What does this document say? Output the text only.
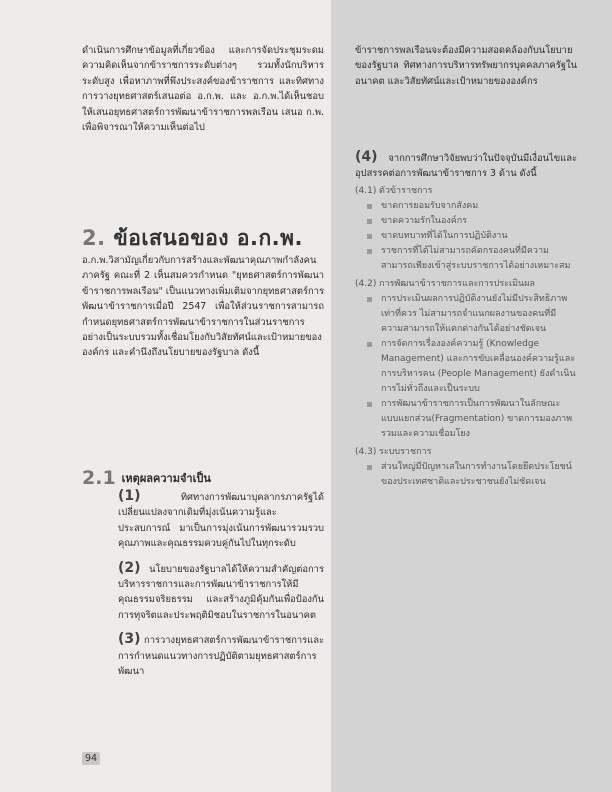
ดำเนินการศึกษาข้อมูลที่เกี่ยวข้อง และการจัดประชุมระดมความคิดเห็นจากข้าราชการระดับต่างๆ รวมทั้งนักบริหารระดับสูง เพื่อหาภาพที่พึงประสงค์ของข้าราชการ และทิศทางการวางยุทธศาสตร์เสนอต่อ อ.ก.พ. และ อ.ก.พ.ได้เห็นชอบให้เสนอยุทธศาสตร์การพัฒนาข้าราชการพลเรือน เสนอ ก.พ. เพื่อพิจารณาให้ความเห็นต่อไป

2. ข้อเสนอของ อ.ก.พ.

อ.ก.พ.วิสามัญเกี่ยวกับการสร้างและพัฒนาคุณภาพกำลังคนภาครัฐ คณะที่ 2 เห็นสมควรกำหนด "ยุทธศาสตร์การพัฒนาข้าราชการพลเรือน" เป็นแนวทางเพิ่มเติมจากยุทธศาสตร์การพัฒนาข้าราชการเมื่อปี 2547 เพื่อให้ส่วนราชการสามารถกำหนดยุทธศาสตร์การพัฒนาข้าราชการในส่วนราชการอย่างเป็นระบบรวมทั้งเชื่อมโยงกับวิสัยทัศน์และเป้าหมายขององค์กร และคำนึงถึงนโยบายของรัฐบาล ดังนี้

2.1 เหตุผลความจำเป็น

(1) ทิศทางการพัฒนาบุคลากรภาครัฐได้เปลี่ยนแปลงจากเดิมที่มุ่งเน้นความรู้และประสบการณ์ มาเป็นการมุ่งเน้นการพัฒนารวมรวบคุณภาพและคุณธรรมควบคู่กันไปในทุกระดับ

(2) นโยบายของรัฐบาลได้ให้ความสำคัญต่อการบริหารราชการและการพัฒนาข้าราชการให้มีคุณธรรมจริยธรรม และสร้างภูมิคุ้มกันเพื่อป้องกันการทุจริตและประพฤติมิชอบในราชการในอนาคต

(3) การวางยุทธศาสตร์การพัฒนาข้าราชการและการกำหนดแนวทางการปฏิบัติตามยุทธศาสตร์การพัฒนา

ข้าราชการพลเรือนจะต้องมีความสอดคล้องกับนโยบายของรัฐบาล ทิศทางการบริหารทรัพยากรบุคคลภาครัฐในอนาคต และวิสัยทัศน์และเป้าหมายขององค์กร

(4) จากการศึกษาวิจัยพบว่าในปัจจุบันมีเงื่อนไขและอุปสรรคต่อการพัฒนาข้าราชการ 3 ด้าน ดังนี้

(4.1) ตัวข้าราชการ
ขาดการยอมรับจากสังคม
ขาดความรักในองค์กร
ขาดบทบาทที่ได้ในการปฏิบัติงาน
ราชการที่ได้ไม่สามารถคัดกรองคนที่มีความสามารถเพียงเข้าสู่ระบบราชการได้อย่างเหมาะสม
(4.2) การพัฒนาข้าราชการและการประเมินผล
การประเมินผลการปฏิบัติงานยังไม่มีประสิทธิภาพเท่าที่ควร ไม่สามารถจำแนกผลงานของคนที่มีความสามารถให้แตกต่างกันได้อย่างชัดเจน
การจัดการเรื่ององค์ความรู้ (Knowledge Management) และการขับเคลื่อนองค์ความรู้และการบริหารคน (People Management) ยังดำเนินการไม่ทั่วถึงและเป็นระบบ
การพัฒนาข้าราชการเป็นการพัฒนาในลักษณะแบบแยกส่วน(Fragmentation) ขาดการมองภาพรวมและความเชื่อมโยง
(4.3) ระบบราชการ
ส่วนใหญ่มีปัญหาเสในการทำงานโดยยึดประโยชน์ของประเทศชาติและประชาชนยังไม่ชัดเจน
94
